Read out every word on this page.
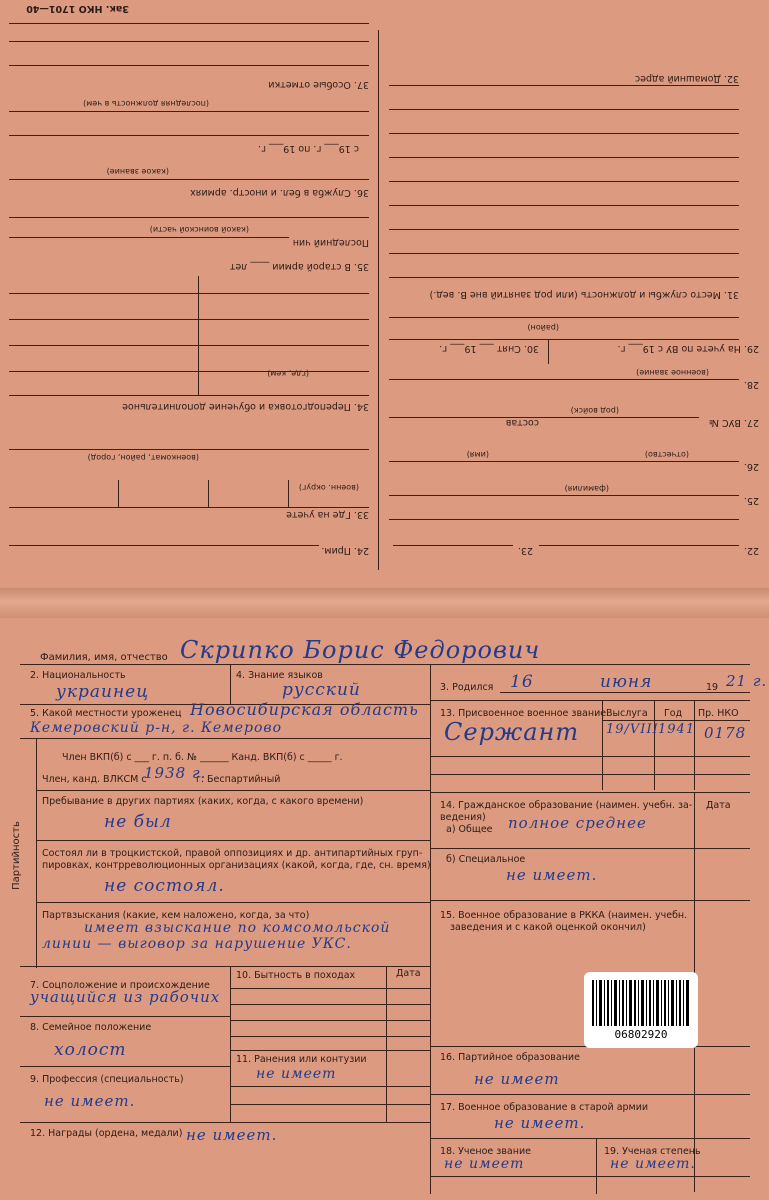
22.
23.
25.
(фамилия)
26.
(отчество)
(имя)
27. ВУС №
состав
(род войск)
28.
(военное звание)
29. На учете по ВУ с 19___ г.
30. Снят ___ 19___ г.
(район)
31. Место службы и должность (или род занятий вне В. вед.)
32. Домашний адрес
24. Прим.
33. Где на учете
(военн. округ)
(военкомат, район, город)
34. Переподготовка и обучение дополнительное
(где, кем)
35. В старой армии ____ лет
Последний чин
(какой воинской части)
36. Служба в бел. и иностр. армиях
(какое звание)
с 19___ г. по 19___ г.
(последняя должность в чем)
37. Особые отметки
Зак. НКО 1701—40
Фамилия, имя, отчество Скрипко Борис Федорович
2. Национальность
украинец
4. Знание языков
русский	3. Родился 16	июня	19 21 г.
5. Какой местности уроженец Новосибирская область
Кемеровский р-н, г. Кемерово
13. Присвоенное военное звание Выслуга Год Пр. НКО
Сержант 19/VIII 1941 0178
Партийность
Член ВКП(б) с ___ г. п. б. № ______ Канд. ВКП(б) с _____ г.
Член, канд. ВЛКСМ с
1938 г.
г. Беспартийный
Пребывание в других партиях (каких, когда, с какого времени)
не был
Состоял ли в троцкистской, правой оппозициях и др. антипартийных груп-
пировках, контрреволюционных организациях (какой, когда, где, сн. время)
не состоял.
Партвзыскания (какие, кем наложено, когда, за что)
имеет взыскание по комсомольской
линии — выговор за нарушение УКС.
7. Соцположение и происхождение
учащийся из рабочих
8. Семейное положение
холост
9. Профессия (специальность)
не имеет.
10. Бытность в походах	Дата
11. Ранения или контузии
не имеет
12. Награды (ордена, медали) не имеет.
14. Гражданское образование (наимен. учебн. за-
ведения)
Дата
а) Общее полное среднее
б) Специальное
не имеет.
15. Военное образование в РККА (наимен. учебн.
заведения и с какой оценкой окончил)
16. Партийное образование
не имеет
17. Военное образование в старой армии
не имеет.
18. Ученое звание
не имеет
19. Ученая степень
не имеет.
06802920
